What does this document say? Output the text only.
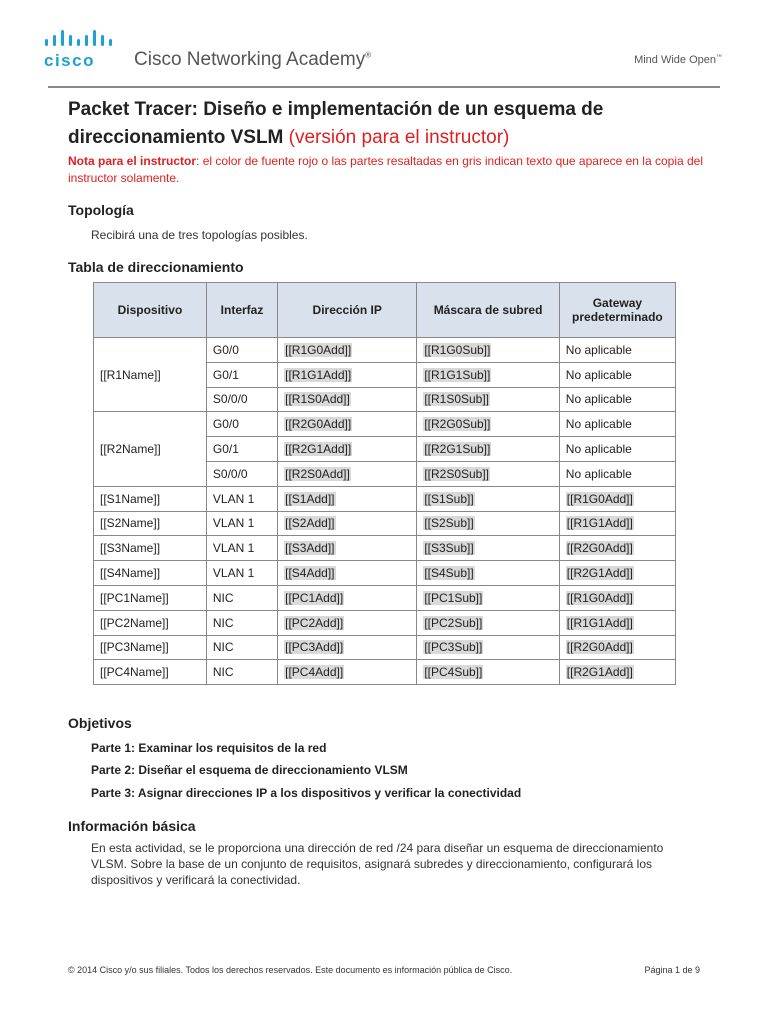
cisco Cisco Networking Academy®	Mind Wide Open™
Packet Tracer: Diseño e implementación de un esquema de direccionamiento VSLM (versión para el instructor)
Nota para el instructor: el color de fuente rojo o las partes resaltadas en gris indican texto que aparece en la copia del instructor solamente.
Topología
Recibirá una de tres topologías posibles.
Tabla de direccionamiento
Dispositivo	Interfaz	Dirección IP	Máscara de subred	Gateway predeterminado
[[R1Name]]	G0/0	[[R1G0Add]]	[[R1G0Sub]]	No aplicable
	G0/1	[[R1G1Add]]	[[R1G1Sub]]	No aplicable
	S0/0/0	[[R1S0Add]]	[[R1S0Sub]]	No aplicable
[[R2Name]]	G0/0	[[R2G0Add]]	[[R2G0Sub]]	No aplicable
	G0/1	[[R2G1Add]]	[[R2G1Sub]]	No aplicable
	S0/0/0	[[R2S0Add]]	[[R2S0Sub]]	No aplicable
[[S1Name]]	VLAN 1	[[S1Add]]	[[S1Sub]]	[[R1G0Add]]
[[S2Name]]	VLAN 1	[[S2Add]]	[[S2Sub]]	[[R1G1Add]]
[[S3Name]]	VLAN 1	[[S3Add]]	[[S3Sub]]	[[R2G0Add]]
[[S4Name]]	VLAN 1	[[S4Add]]	[[S4Sub]]	[[R2G1Add]]
[[PC1Name]]	NIC	[[PC1Add]]	[[PC1Sub]]	[[R1G0Add]]
[[PC2Name]]	NIC	[[PC2Add]]	[[PC2Sub]]	[[R1G1Add]]
[[PC3Name]]	NIC	[[PC3Add]]	[[PC3Sub]]	[[R2G0Add]]
[[PC4Name]]	NIC	[[PC4Add]]	[[PC4Sub]]	[[R2G1Add]]
Objetivos
Parte 1: Examinar los requisitos de la red
Parte 2: Diseñar el esquema de direccionamiento VLSM
Parte 3: Asignar direcciones IP a los dispositivos y verificar la conectividad
Información básica
En esta actividad, se le proporciona una dirección de red /24 para diseñar un esquema de direccionamiento VLSM. Sobre la base de un conjunto de requisitos, asignará subredes y direccionamiento, configurará los dispositivos y verificará la conectividad.
© 2014 Cisco y/o sus filiales. Todos los derechos reservados. Este documento es información pública de Cisco.	Página 1 de 9
